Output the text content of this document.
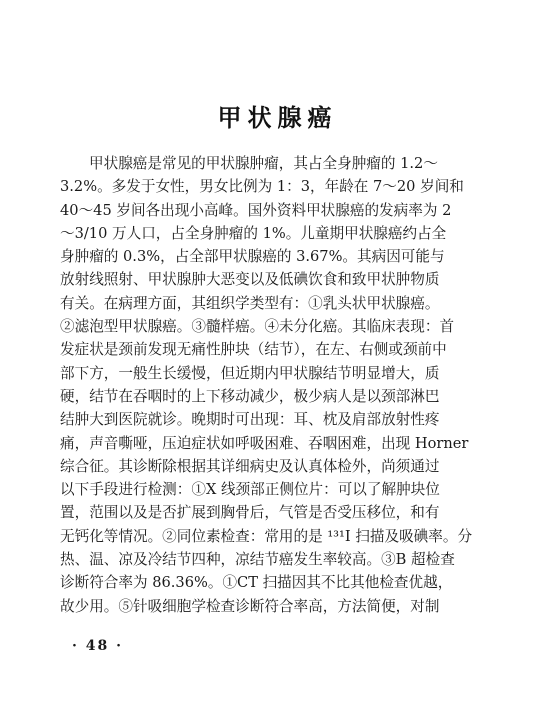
甲状腺癌
甲状腺癌是常见的甲状腺肿瘤，其占全身肿瘤的 1.2～
3.2%。多发于女性，男女比例为 1：3，年龄在 7～20 岁间和
40～45 岁间各出现小高峰。国外资料甲状腺癌的发病率为 2
～3/10 万人口，占全身肿瘤的 1%。儿童期甲状腺癌约占全
身肿瘤的 0.3%，占全部甲状腺癌的 3.67%。其病因可能与
放射线照射、甲状腺肿大恶变以及低碘饮食和致甲状肿物质
有关。在病理方面，其组织学类型有：①乳头状甲状腺癌。
②滤泡型甲状腺癌。③髓样癌。④未分化癌。其临床表现：首
发症状是颈前发现无痛性肿块（结节），在左、右侧或颈前中
部下方，一般生长缓慢，但近期内甲状腺结节明显增大，质
硬，结节在吞咽时的上下移动减少，极少病人是以颈部淋巴
结肿大到医院就诊。晚期时可出现：耳、枕及肩部放射性疼
痛，声音嘶哑，压迫症状如呼吸困难、吞咽困难，出现 Horner
综合征。其诊断除根据其详细病史及认真体检外，尚须通过
以下手段进行检测：①X 线颈部正侧位片：可以了解肿块位
置，范围以及是否扩展到胸骨后，气管是否受压移位，和有
无钙化等情况。②同位素检查：常用的是 ¹³¹I 扫描及吸碘率。分
热、温、凉及冷结节四种，凉结节癌发生率较高。③B 超检查
诊断符合率为 86.36%。①CT 扫描因其不比其他检查优越，
故少用。⑤针吸细胞学检查诊断符合率高，方法简便，对制
· 48 ·
